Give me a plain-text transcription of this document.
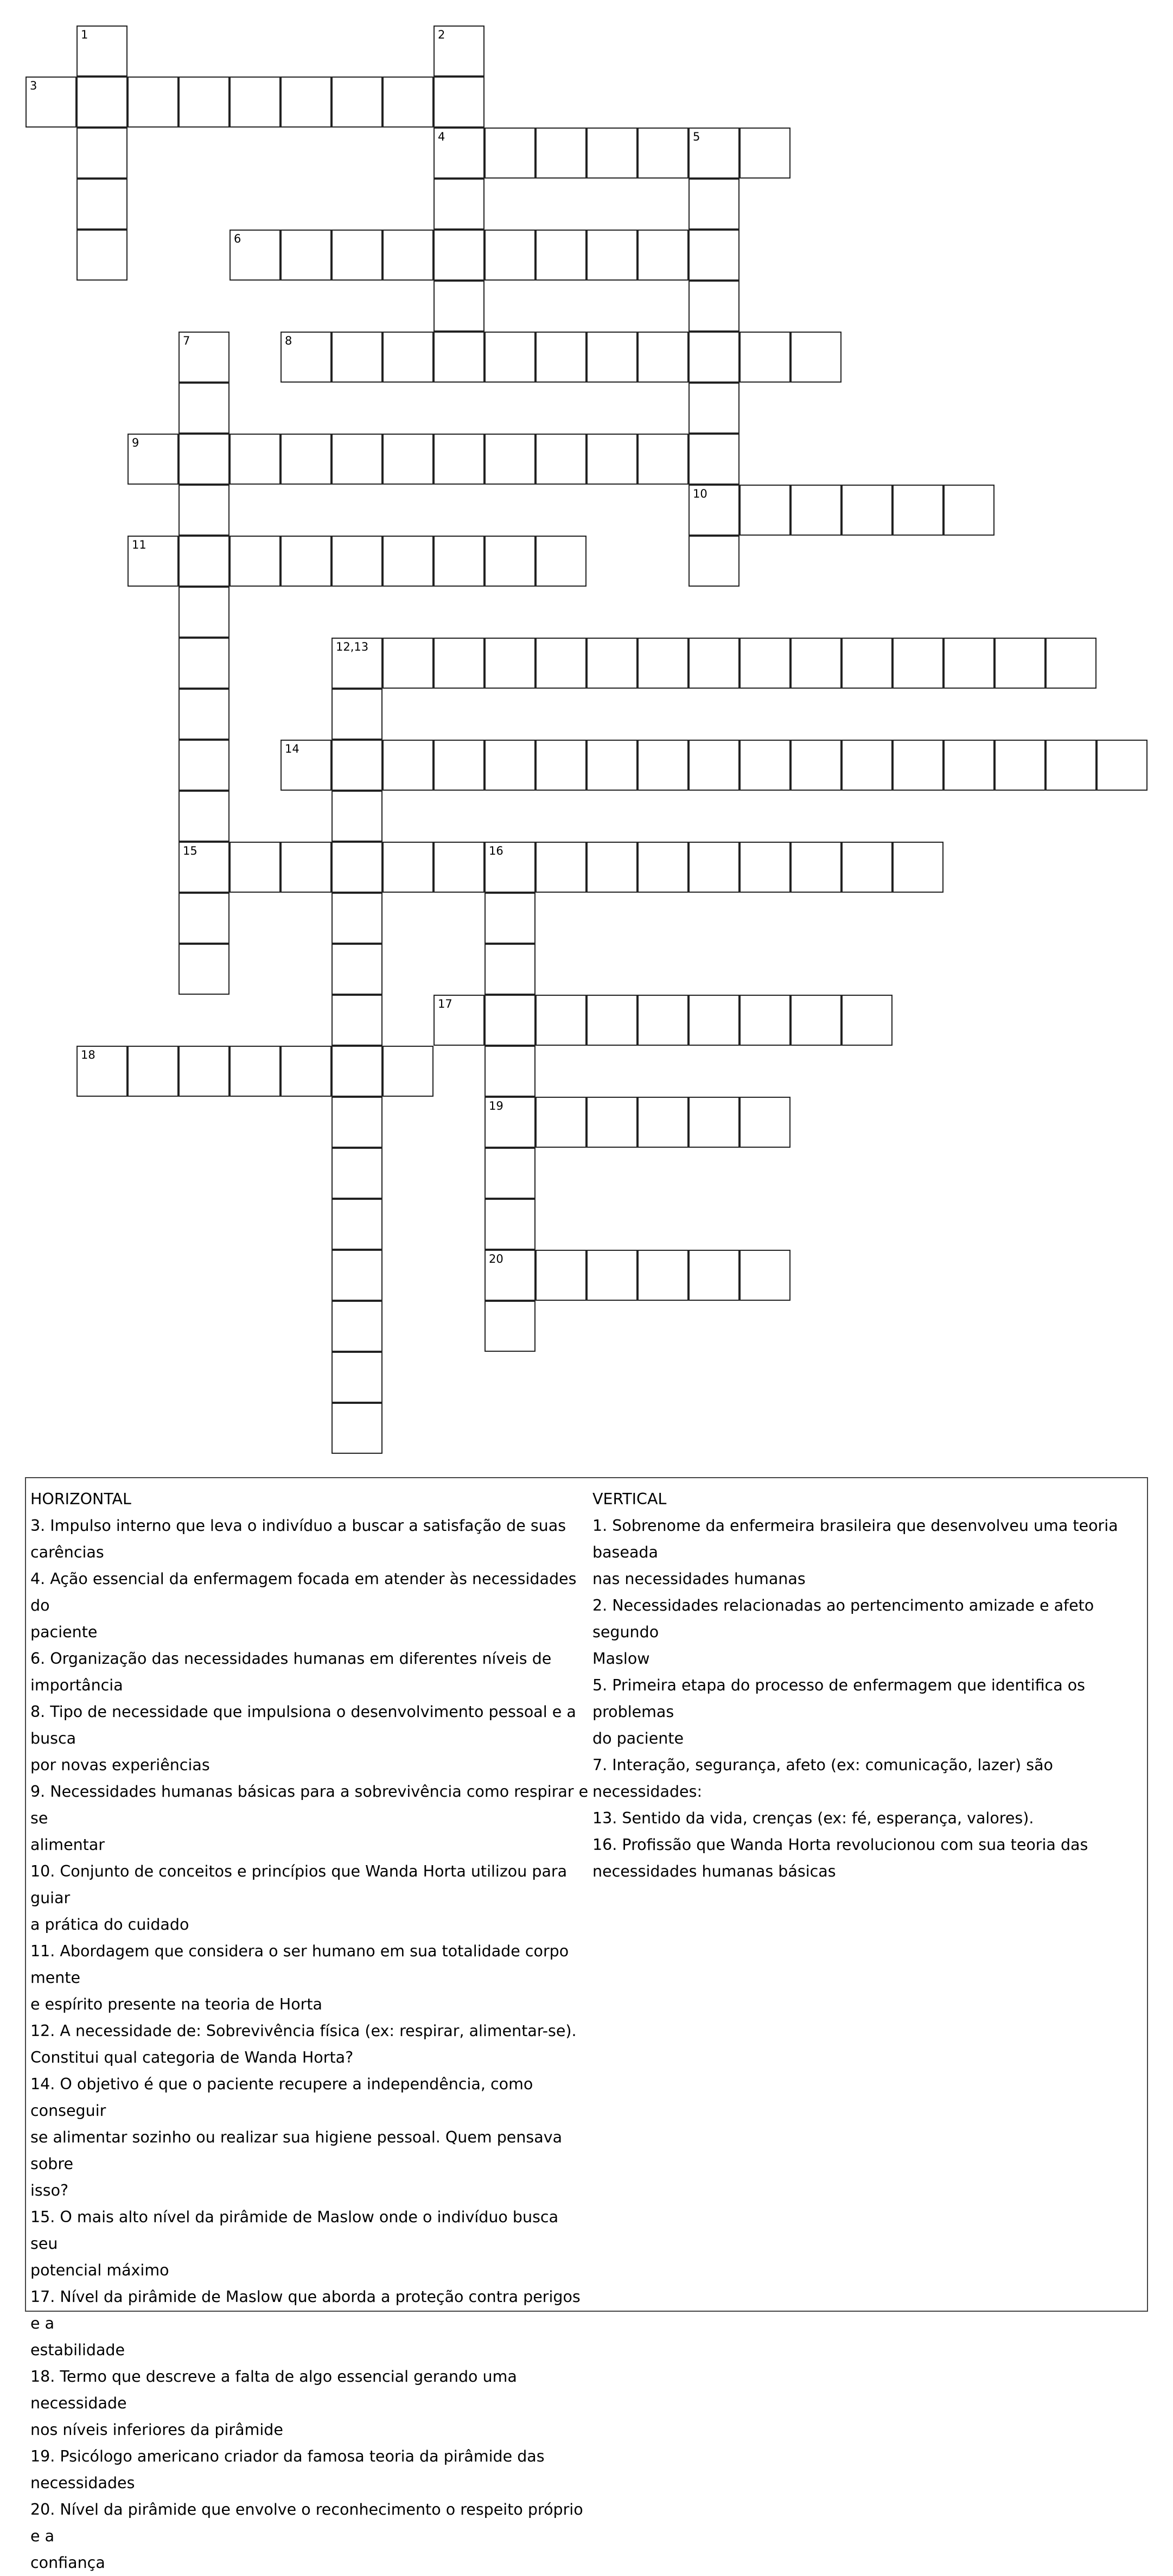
1	2
4
3
5
10
6
7
15
8
9
11
12,13
14
16
19
20
17
18
HORIZONTAL
3. Impulso interno que leva o indivíduo a buscar a satisfação de suas
carências
4. Ação essencial da enfermagem focada em atender às necessidades do
paciente
6. Organização das necessidades humanas em diferentes níveis de
importância
8. Tipo de necessidade que impulsiona o desenvolvimento pessoal e a busca
por novas experiências
9. Necessidades humanas básicas para a sobrevivência como respirar e se
alimentar
10. Conjunto de conceitos e princípios que Wanda Horta utilizou para guiar
a prática do cuidado
11. Abordagem que considera o ser humano em sua totalidade corpo mente
e espírito presente na teoria de Horta
12. A necessidade de: Sobrevivência física (ex: respirar, alimentar-se).
Constitui qual categoria de Wanda Horta?
14. O objetivo é que o paciente recupere a independência, como conseguir
se alimentar sozinho ou realizar sua higiene pessoal. Quem pensava sobre
isso?
15. O mais alto nível da pirâmide de Maslow onde o indivíduo busca seu
potencial máximo
17. Nível da pirâmide de Maslow que aborda a proteção contra perigos e a
estabilidade
18. Termo que descreve a falta de algo essencial gerando uma necessidade
nos níveis inferiores da pirâmide
19. Psicólogo americano criador da famosa teoria da pirâmide das
necessidades
20. Nível da pirâmide que envolve o reconhecimento o respeito próprio e a
confiança
VERTICAL
1. Sobrenome da enfermeira brasileira que desenvolveu uma teoria baseada
nas necessidades humanas
2. Necessidades relacionadas ao pertencimento amizade e afeto segundo
Maslow
5. Primeira etapa do processo de enfermagem que identifica os problemas
do paciente
7. Interação, segurança, afeto (ex: comunicação, lazer) são necessidades:
13. Sentido da vida, crenças (ex: fé, esperança, valores).
16. Profissão que Wanda Horta revolucionou com sua teoria das
necessidades humanas básicas
